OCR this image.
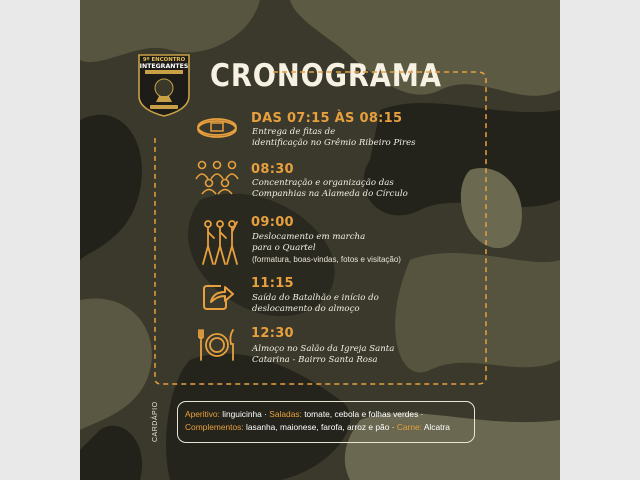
9º ENCONTRO
INTEGRANTES CRONOGRAMA
DAS 07:15 ÀS 08:15
Entrega de fitas de
identificação no Grêmio Ribeiro Pires
08:30
Concentração e organização das
Companhias na Alameda do Círculo
09:00
Deslocamento em marcha
para o Quartel
(formatura, boas-vindas, fotos e visitação)
11:15
Saída do Batalhão e início do
deslocamento do almoço
12:30
Almoço no Salão da Igreja Santa
Catarina - Bairro Santa Rosa
CARDÁPIO	Aperitivo: linguicinha · Saladas: tomate, cebola e folhas verdes ·
Complementos: lasanha, maionese, farofa, arroz e pão · Carne: Alcatra
